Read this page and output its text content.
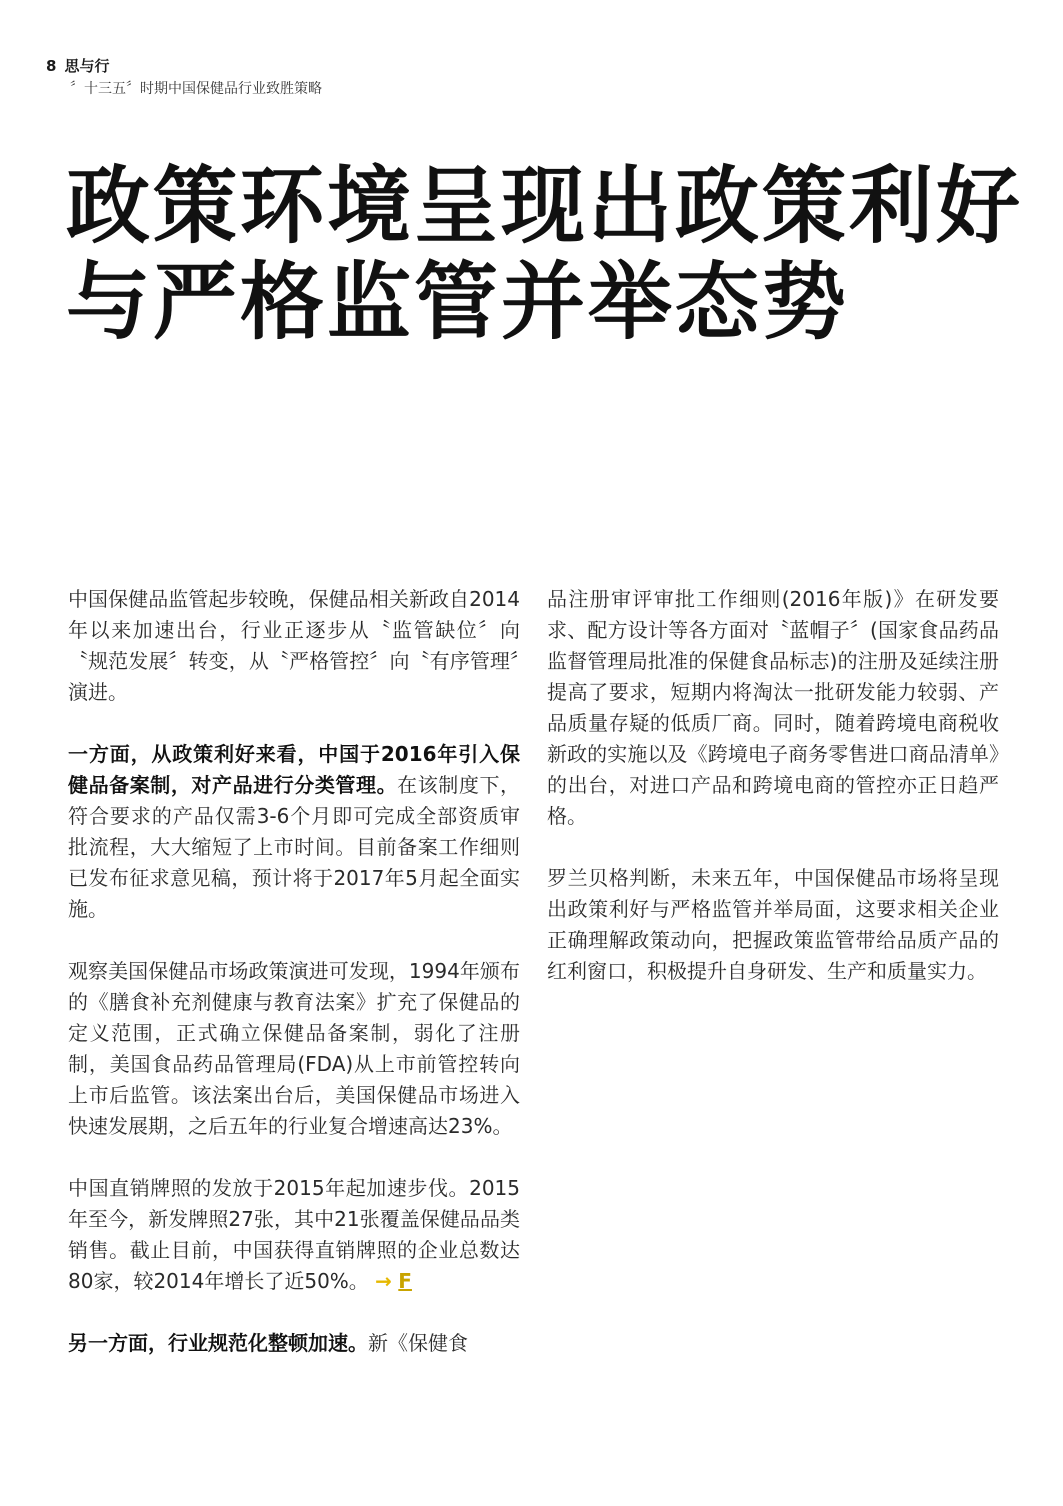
8 思与行
〞十三五〞时期中国保健品行业致胜策略
政策环境呈现出政策利好
与严格监管并举态势

中国保健品监管起步较晚，保健品相关新政自2014年以来加速出台，行业正逐步从〝监管缺位〞向〝规范发展〞转变，从〝严格管控〞向〝有序管理〞演进。

一方面，从政策利好来看，中国于2016年引入保健品备案制，对产品进行分类管理。在该制度下，符合要求的产品仅需3-6个月即可完成全部资质审批流程，大大缩短了上市时间。目前备案工作细则已发布征求意见稿，预计将于2017年5月起全面实施。

观察美国保健品市场政策演进可发现，1994年颁布的《膳食补充剂健康与教育法案》扩充了保健品的定义范围，正式确立保健品备案制，弱化了注册制，美国食品药品管理局(FDA)从上市前管控转向上市后监管。该法案出台后，美国保健品市场进入快速发展期，之后五年的行业复合增速高达23%。

中国直销牌照的发放于2015年起加速步伐。2015年至今，新发牌照27张，其中21张覆盖保健品品类销售。截止目前，中国获得直销牌照的企业总数达80家，较2014年增长了近50%。 → F

另一方面，行业规范化整顿加速。新《保健食

品注册审评审批工作细则(2016年版)》在研发要求、配方设计等各方面对〝蓝帽子〞(国家食品药品监督管理局批准的保健食品标志)的注册及延续注册提高了要求，短期内将淘汰一批研发能力较弱、产品质量存疑的低质厂商。同时，随着跨境电商税收新政的实施以及《跨境电子商务零售进口商品清单》的出台，对进口产品和跨境电商的管控亦正日趋严格。

罗兰贝格判断，未来五年，中国保健品市场将呈现出政策利好与严格监管并举局面，这要求相关企业正确理解政策动向，把握政策监管带给品质产品的红利窗口，积极提升自身研发、生产和质量实力。
